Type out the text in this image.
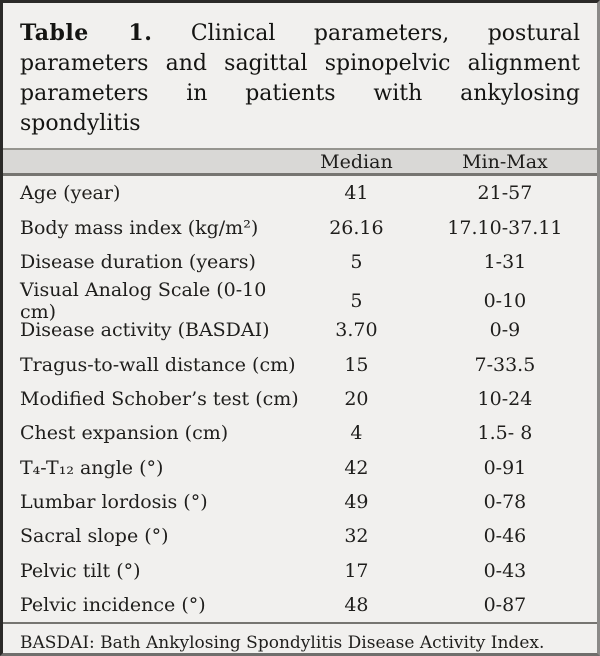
Table 1. Clinical parameters, postural parameters and sagittal spinopelvic alignment parameters in patients with ankylosing spondylitis
Median	Min-Max
Age (year)	41	21-57
Body mass index (kg/m²)	26.16	17.10-37.11
Disease duration (years)	5	1-31
Visual Analog Scale (0-10 cm)	5	0-10
Disease activity (BASDAI)	3.70	0-9
Tragus-to-wall distance (cm)	15	7-33.5
Modified Schober’s test (cm)	20	10-24
Chest expansion (cm)	4	1.5- 8
T₄-T₁₂ angle (°)	42	0-91
Lumbar lordosis (°)	49	0-78
Sacral slope (°)	32	0-46
Pelvic tilt (°)	17	0-43
Pelvic incidence (°)	48	0-87
BASDAI: Bath Ankylosing Spondylitis Disease Activity Index.
